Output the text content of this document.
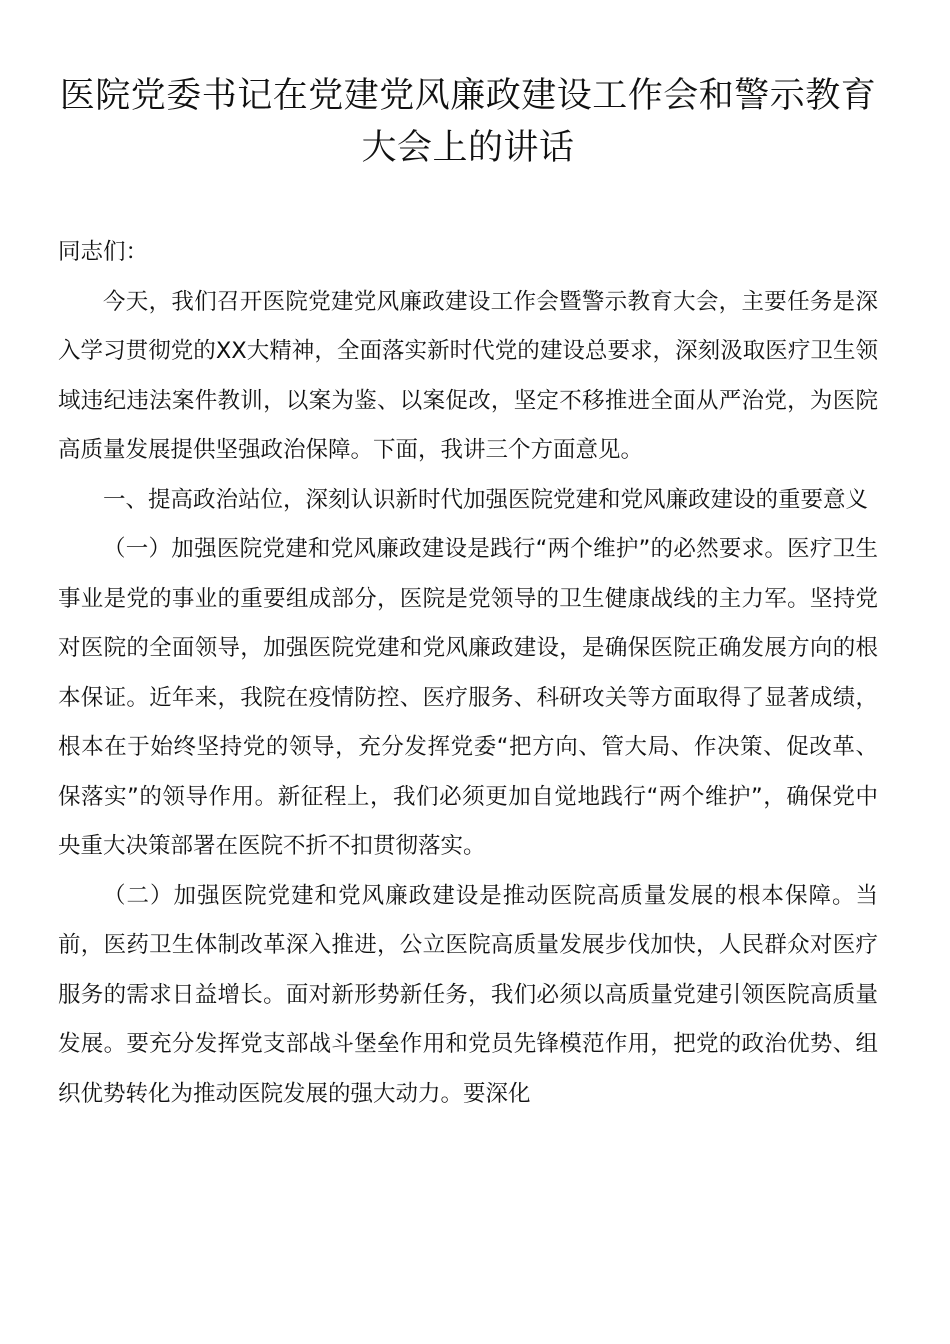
医院党委书记在党建党风廉政建设工作会和警示教育大会上的讲话

同志们：

今天，我们召开医院党建党风廉政建设工作会暨警示教育大会，主要任务是深入学习贯彻党的XX大精神，全面落实新时代党的建设总要求，深刻汲取医疗卫生领域违纪违法案件教训，以案为鉴、以案促改，坚定不移推进全面从严治党，为医院高质量发展提供坚强政治保障。下面，我讲三个方面意见。

一、提高政治站位，深刻认识新时代加强医院党建和党风廉政建设的重要意义

（一）加强医院党建和党风廉政建设是践行“两个维护”的必然要求。医疗卫生事业是党的事业的重要组成部分，医院是党领导的卫生健康战线的主力军。坚持党对医院的全面领导，加强医院党建和党风廉政建设，是确保医院正确发展方向的根本保证。近年来，我院在疫情防控、医疗服务、科研攻关等方面取得了显著成绩，根本在于始终坚持党的领导，充分发挥党委“把方向、管大局、作决策、促改革、保落实”的领导作用。新征程上，我们必须更加自觉地践行“两个维护”，确保党中央重大决策部署在医院不折不扣贯彻落实。

（二）加强医院党建和党风廉政建设是推动医院高质量发展的根本保障。当前，医药卫生体制改革深入推进，公立医院高质量发展步伐加快，人民群众对医疗服务的需求日益增长。面对新形势新任务，我们必须以高质量党建引领医院高质量发展。要充分发挥党支部战斗堡垒作用和党员先锋模范作用，把党的政治优势、组织优势转化为推动医院发展的强大动力。要深化
